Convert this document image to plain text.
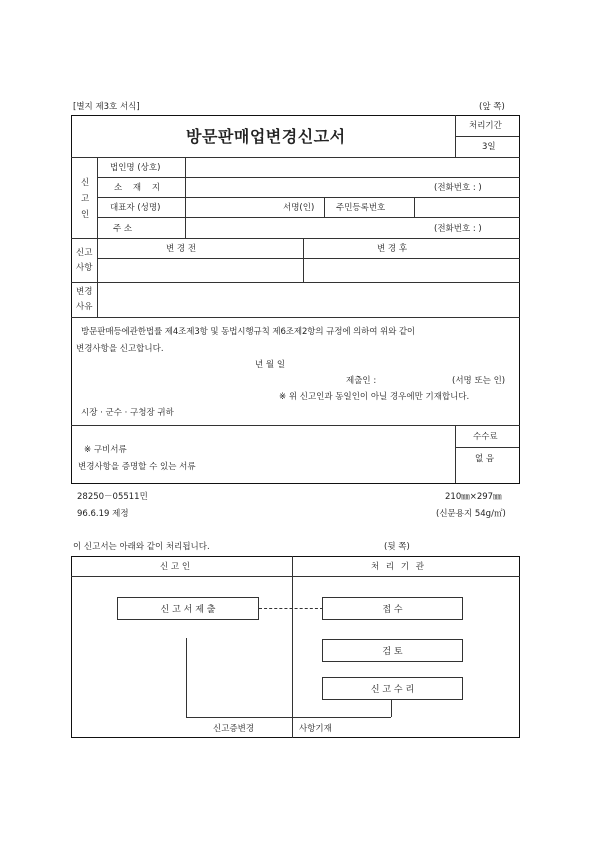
[별지 제3호 서식]	(앞 쪽)
방문판매업변경신고서
처리기간
3일
신
고
인
법인명 (상호)
소 재 지	(전화번호 : )
대표자 (성명)	서명(인)	주민등록번호
주 소	(전화번호 : )
신고
사항
변 경 전	변 경 후
변경
사유
방문판매등에관한법률 제4조제3항 및 동법시행규칙 제6조제2항의 규정에 의하여 위와 같이
변경사항을 신고합니다.
년 월 일
제출인 :	(서명 또는 인)
※ 위 신고인과 동일인이 아닐 경우에만 기재합니다.
시장 · 군수 · 구청장 귀하
※ 구비서류
변경사항을 증명할 수 있는 서류
수수료
없 음
28250－05511민	210㎜×297㎜
96.6.19 제정	(신문용지 54g/㎡)
이 신고서는 아래와 같이 처리됩니다.	(뒷 쪽)
신 고 인	처 리 기 관
신 고 서 제 출	접 수
검 토
신 고 수 리
신고증변경	사항기재
